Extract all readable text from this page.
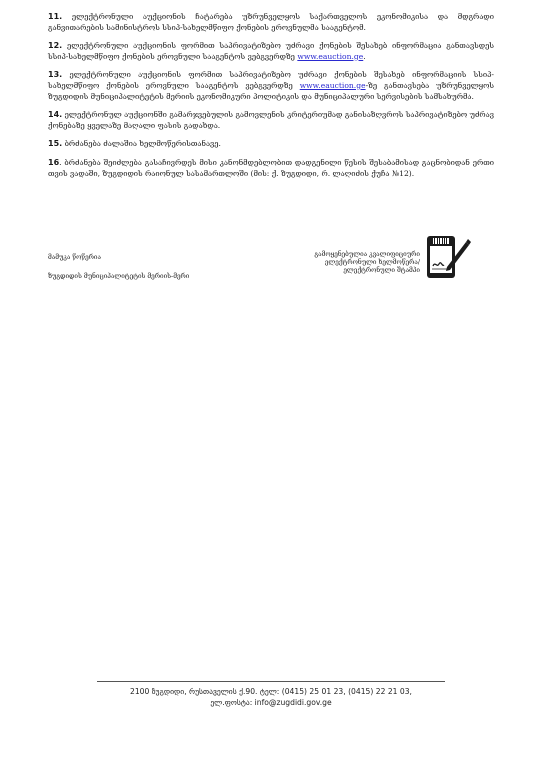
11. ელექტრონული აუქციონის ჩატარება უზრუნველყოს საქართველოს ეკონომიკისა და მდგრადი განვითარების სამინისტროს სსიპ-სახელმწიფო ქონების ეროვნულმა სააგენტომ.

12. ელექტრონული აუქციონის ფორმით საპრივატიზებო უძრავი ქონების შესახებ ინფორმაცია განთავსდეს სსიპ-სახელმწიფო ქონების ეროვნული სააგენტოს ვებგვერდზე www.eauction.ge.

13. ელექტრონული აუქციონის ფორმით საპრივატიზებო უძრავი ქონების შესახებ ინფორმაციის სსიპ-სახელმწიფო ქონების ეროვნული სააგენტოს ვებგვერდზე www.eauction.ge-ზე განთავსება უზრუნველყოს ზუგდიდის მუნიციპალიტეტის მერიის ეკონომიკური პოლიტიკის და მუნიციპალური სერვისების სამსახურმა.

14. ელექტრონულ აუქციონში გამარჯვებულის გამოვლენის კრიტერიუმად განისაზღვროს საპრივატიზებო უძრავ ქონებაზე ყველაზე მაღალი ფასის გადახდა.

15. ბრძანება ძალაშია ხელმოწერისთანავე.

16. ბრძანება შეიძლება გასაჩივრდეს მისი კანონმდებლობით დადგენილი წესის შესაბამისად გაცნობიდან ერთი თვის ვადაში, ზუგდიდის რაიონულ სასამართლოში (მის: ქ. ზუგდიდი, რ. ლაღიძის ქუჩა №12).

მამუკა წოწერია
ზუგდიდის მუნიციპალიტეტის მერიის-მერი
გამოყენებულია კვალიფიციური
ელექტრონული ხელმოწერა/
ელექტრონული შტამპი
2100 ზუგდიდი, რუსთაველის ქ.90. ტელ: (0415) 25 01 23, (0415) 22 21 03,
ელ.ფოსტა: info@zugdidi.gov.ge
